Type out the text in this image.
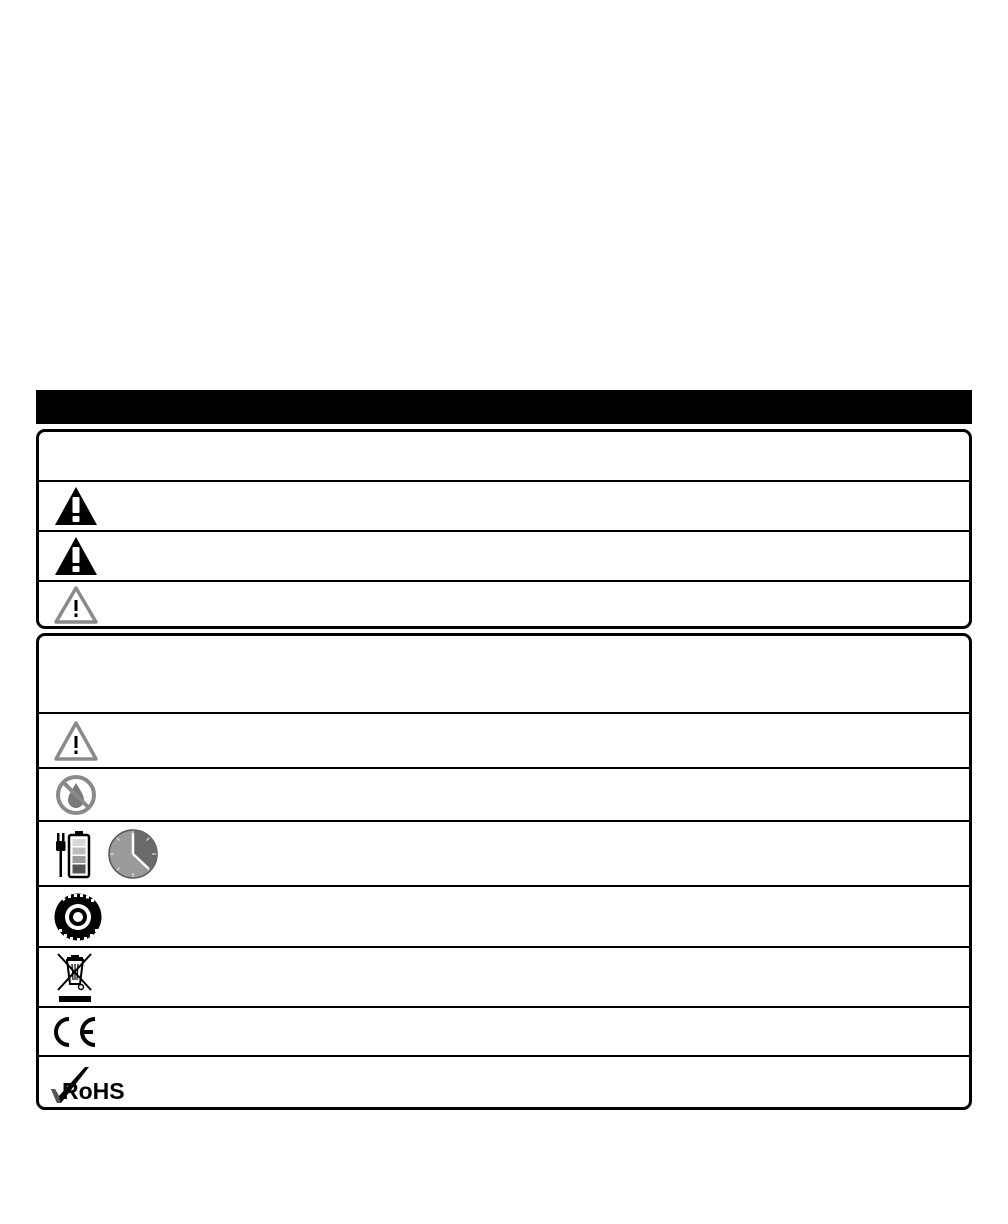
RoHS
